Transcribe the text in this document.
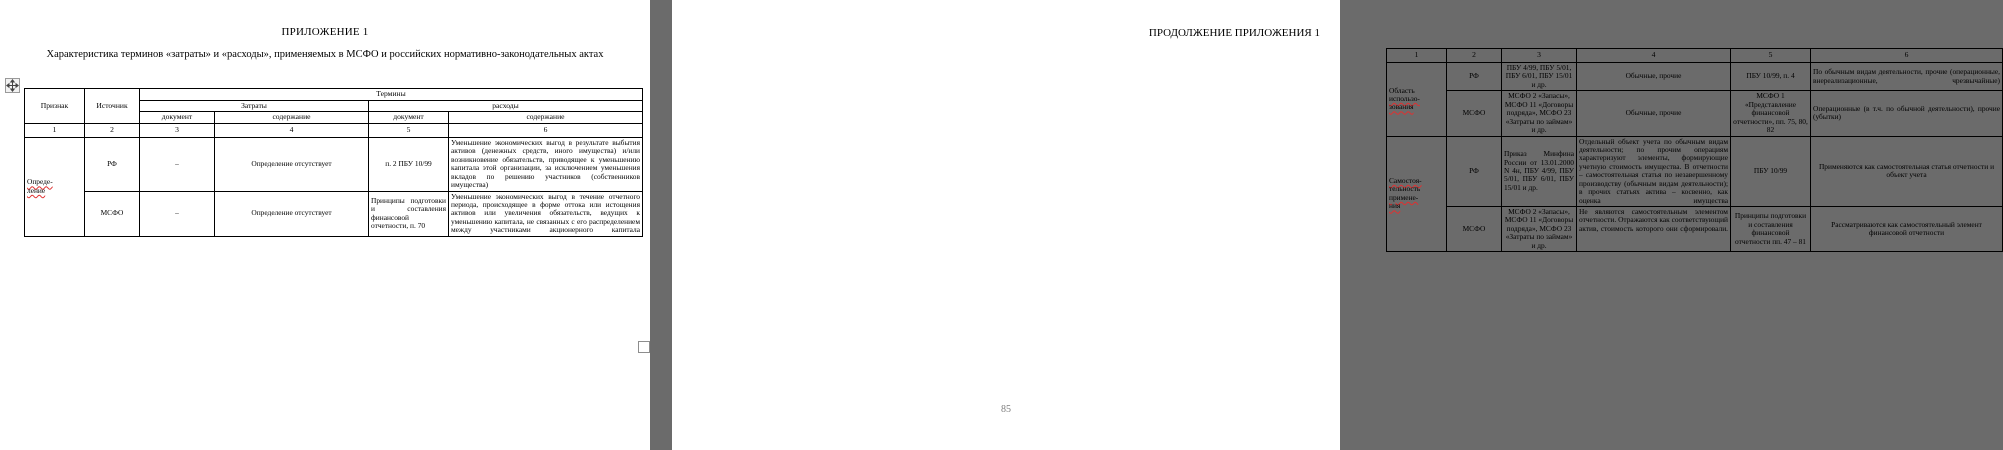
ПРИЛОЖЕНИЕ 1
Характеристика терминов «затраты» и «расходы», применяемых в МСФО и российских нормативно-законодательных актах
Признак	Источник	Термины			
		Затраты		расходы	
		документ	содержание	документ	содержание
1	2	3	4	5	6
Опреде-
ление	РФ	–	Определение отсутствует	п. 2 ПБУ 10/99	Уменьшение экономических выгод в результате выбытия активов (денежных средств, иного имущества) и/или возникновение обязательств, приводящее к уменьшению капитала этой организации, за исключением уменьшения вкладов по решению участников (собственников имущества)
	МСФО	–	Определение отсутствует	Принципы подготовки и составления финансовой отчетности, п. 70	Уменьшение экономических выгод в течение отчетного периода, происходящее в форме оттока или истощения активов или увеличения обязательств, ведущих к уменьшению капитала, не связанных с его распределением между участниками акционерного капитала
ПРОДОЛЖЕНИЕ ПРИЛОЖЕНИЯ 1
1	2	3	4	5	6
Область
использо-
зования	РФ	ПБУ 4/99, ПБУ 5/01, ПБУ 6/01, ПБУ 15/01 и др.	Обычные, прочие	ПБУ 10/99, п. 4	По обычным видам деятельности, прочие (операционные, внереализационные, чрезвычайные)
	МСФО	МСФО 2 «Запасы», МСФО 11 «Договоры подряда», МСФО 23 «Затраты по займам» и др.	Обычные, прочие	МСФО 1 «Представление финансовой отчетности», пп. 75, 80, 82	Операционные (в т.ч. по обычной деятельности), прочие (убытки)
Самостоя-
тельность
примене-
ния	РФ	Приказ Минфина России от 13.01.2000 N 4н, ПБУ 4/99, ПБУ 5/01, ПБУ 6/01, ПБУ 15/01 и др.	Отдельный объект учета по обычным видам деятельности; по прочим операциям характеризуют элементы, формирующие учетную стоимость имущества. В отчетности – самостоятельная статья по незавершенному производству (обычным видам деятельности); в прочих статьях актива – косвенно, как оценка имущества	ПБУ 10/99	Применяются как самостоятельная статья отчетности и объект учета
	МСФО	МСФО 2 «Запасы», МСФО 11 «Договоры подряда», МСФО 23 «Затраты по займам» и др.	Не являются самостоятельным элементом отчетности. Отражаются как соответствующий актив, стоимость которого они сформировали.	Принципы подготовки и составления финансовой отчетности пп. 47 – 81	Рассматриваются как самостоятельный элемент финансовой отчетности
85
